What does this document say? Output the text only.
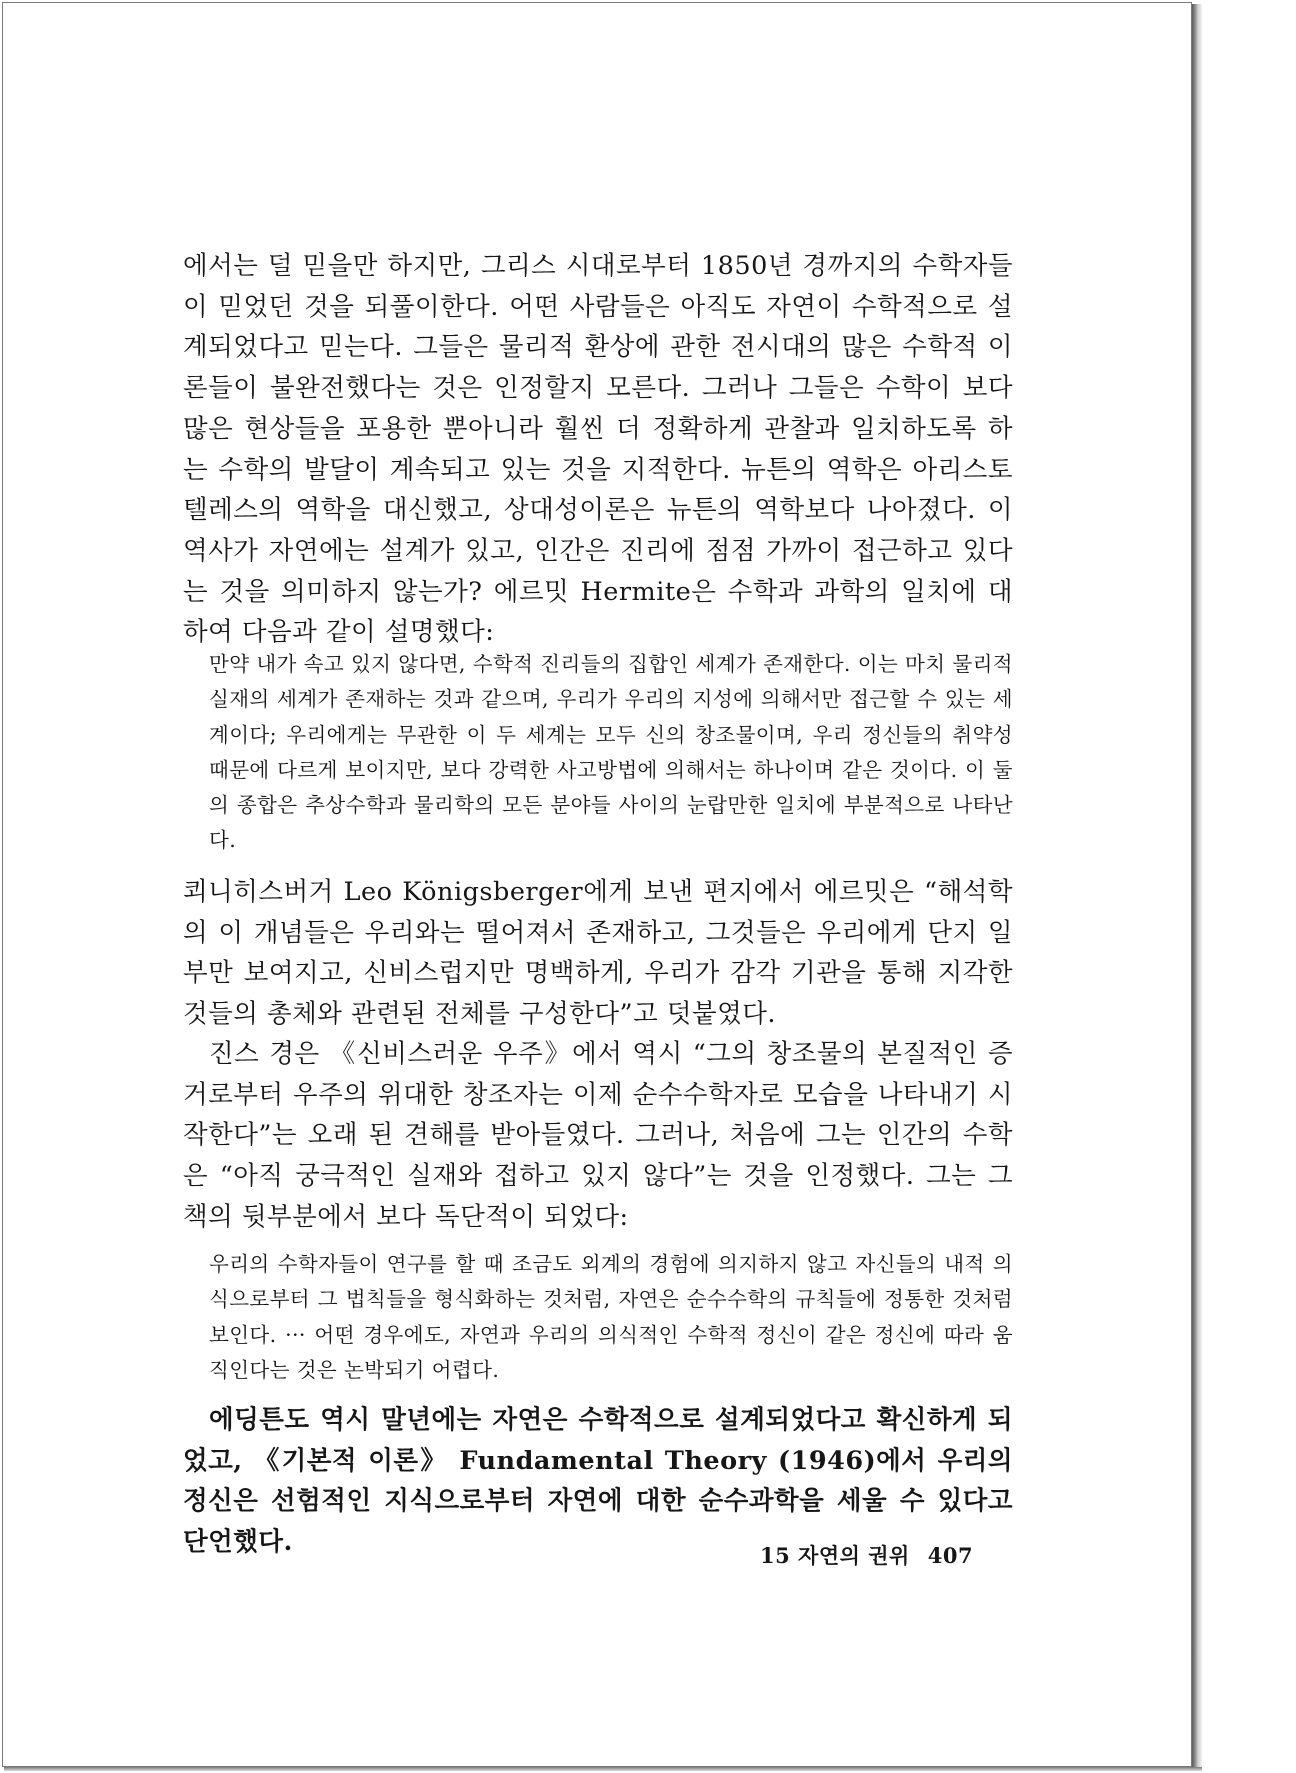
에서는 덜 믿을만 하지만, 그리스 시대로부터 1850년 경까지의 수학자들이 믿었던 것을 되풀이한다. 어떤 사람들은 아직도 자연이 수학적으로 설계되었다고 믿는다. 그들은 물리적 환상에 관한 전시대의 많은 수학적 이론들이 불완전했다는 것은 인정할지 모른다. 그러나 그들은 수학이 보다 많은 현상들을 포용한 뿐아니라 훨씬 더 정확하게 관찰과 일치하도록 하는 수학의 발달이 계속되고 있는 것을 지적한다. 뉴튼의 역학은 아리스토텔레스의 역학을 대신했고, 상대성이론은 뉴튼의 역학보다 나아졌다. 이 역사가 자연에는 설계가 있고, 인간은 진리에 점점 가까이 접근하고 있다는 것을 의미하지 않는가? 에르밋 Hermite은 수학과 과학의 일치에 대하여 다음과 같이 설명했다:

만약 내가 속고 있지 않다면, 수학적 진리들의 집합인 세계가 존재한다. 이는 마치 물리적 실재의 세계가 존재하는 것과 같으며, 우리가 우리의 지성에 의해서만 접근할 수 있는 세계이다; 우리에게는 무관한 이 두 세계는 모두 신의 창조물이며, 우리 정신들의 취약성 때문에 다르게 보이지만, 보다 강력한 사고방법에 의해서는 하나이며 같은 것이다. 이 둘의 종합은 추상수학과 물리학의 모든 분야들 사이의 눈랍만한 일치에 부분적으로 나타난다.

쾨니히스버거 Leo Königsberger에게 보낸 편지에서 에르밋은 “해석학의 이 개념들은 우리와는 떨어져서 존재하고, 그것들은 우리에게 단지 일부만 보여지고, 신비스럽지만 명백하게, 우리가 감각 기관을 통해 지각한 것들의 총체와 관련된 전체를 구성한다”고 덧붙였다.

진스 경은 《신비스러운 우주》에서 역시 “그의 창조물의 본질적인 증거로부터 우주의 위대한 창조자는 이제 순수수학자로 모습을 나타내기 시작한다”는 오래 된 견해를 받아들였다. 그러나, 처음에 그는 인간의 수학은 “아직 궁극적인 실재와 접하고 있지 않다”는 것을 인정했다. 그는 그 책의 뒷부분에서 보다 독단적이 되었다:

우리의 수학자들이 연구를 할 때 조금도 외계의 경험에 의지하지 않고 자신들의 내적 의식으로부터 그 법칙들을 형식화하는 것처럼, 자연은 순수수학의 규칙들에 정통한 것처럼 보인다. ··· 어떤 경우에도, 자연과 우리의 의식적인 수학적 정신이 같은 정신에 따라 움직인다는 것은 논박되기 어렵다.

에딩튼도 역시 말년에는 자연은 수학적으로 설계되었다고 확신하게 되었고, 《기본적 이론》 Fundamental Theory (1946)에서 우리의 정신은 선험적인 지식으로부터 자연에 대한 순수과학을 세울 수 있다고 단언했다.	15 자연의 권위 407
